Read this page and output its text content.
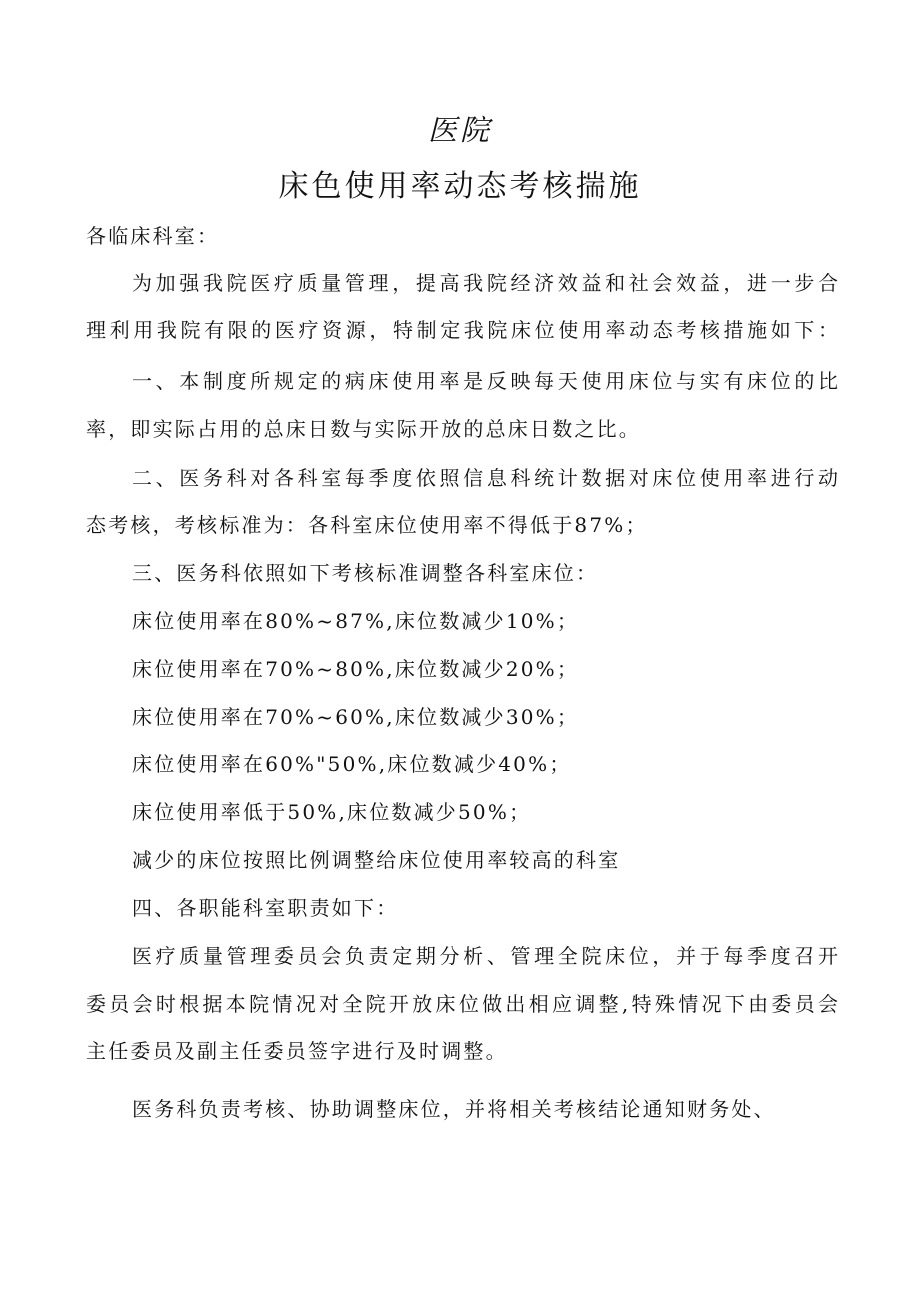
医院
床色使用率动态考核揣施
各临床科室：
为加强我院医疗质量管理，提高我院经济效益和社会效益，进一步合
理利用我院有限的医疗资源，特制定我院床位使用率动态考核措施如下：
一、本制度所规定的病床使用率是反映每天使用床位与实有床位的比
率，即实际占用的总床日数与实际开放的总床日数之比。
二、医务科对各科室每季度依照信息科统计数据对床位使用率进行动
态考核，考核标准为：各科室床位使用率不得低于87%；
三、医务科依照如下考核标准调整各科室床位：
床位使用率在80%~87%,床位数减少10%；
床位使用率在70%~80%,床位数减少20%；
床位使用率在70%~60%,床位数减少30%；
床位使用率在60%"50%,床位数减少40%；
床位使用率低于50%,床位数减少50%；
减少的床位按照比例调整给床位使用率较高的科室
四、各职能科室职责如下：
医疗质量管理委员会负责定期分析、管理全院床位，并于每季度召开
委员会时根据本院情况对全院开放床位做出相应调整,特殊情况下由委员会
主任委员及副主任委员签字进行及时调整。
医务科负责考核、协助调整床位，并将相关考核结论通知财务处、
